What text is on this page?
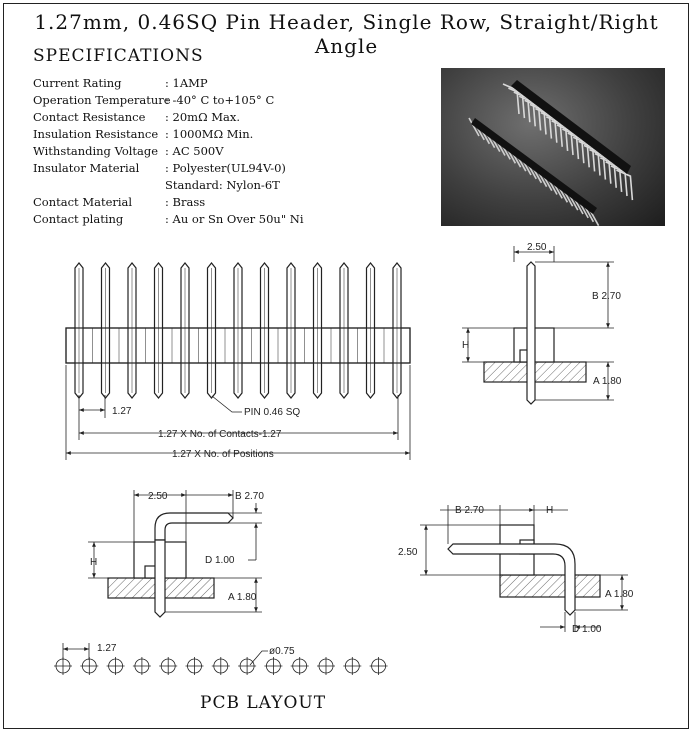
1.27mm, 0.46SQ Pin Header, Single Row, Straight/Right Angle
SPECIFICATIONS
Current Rating	: 1AMP
Operation Temperature: -40° C to+105° C
Contact Resistance : 20mΩ Max.
Insulation Resistance : 1000MΩ Min.
Withstanding Voltage : AC 500V
Insulator Material : Polyester(UL94V-0)
Standard: Nylon-6T
Contact Material	: Brass
Contact plating	: Au or Sn Over 50u" Ni
1.27	PIN 0.46 SQ
1.27 X No. of Contacts-1.27
1.27 X No. of Positions
2.50
B 2.70
H
A 1.80
2.50	B 2.70
H	D 1.00
A 1.80
B 2.70	H
2.50
A 1.80
D 1.00
1.27	ø0.75
PCB LAYOUT
